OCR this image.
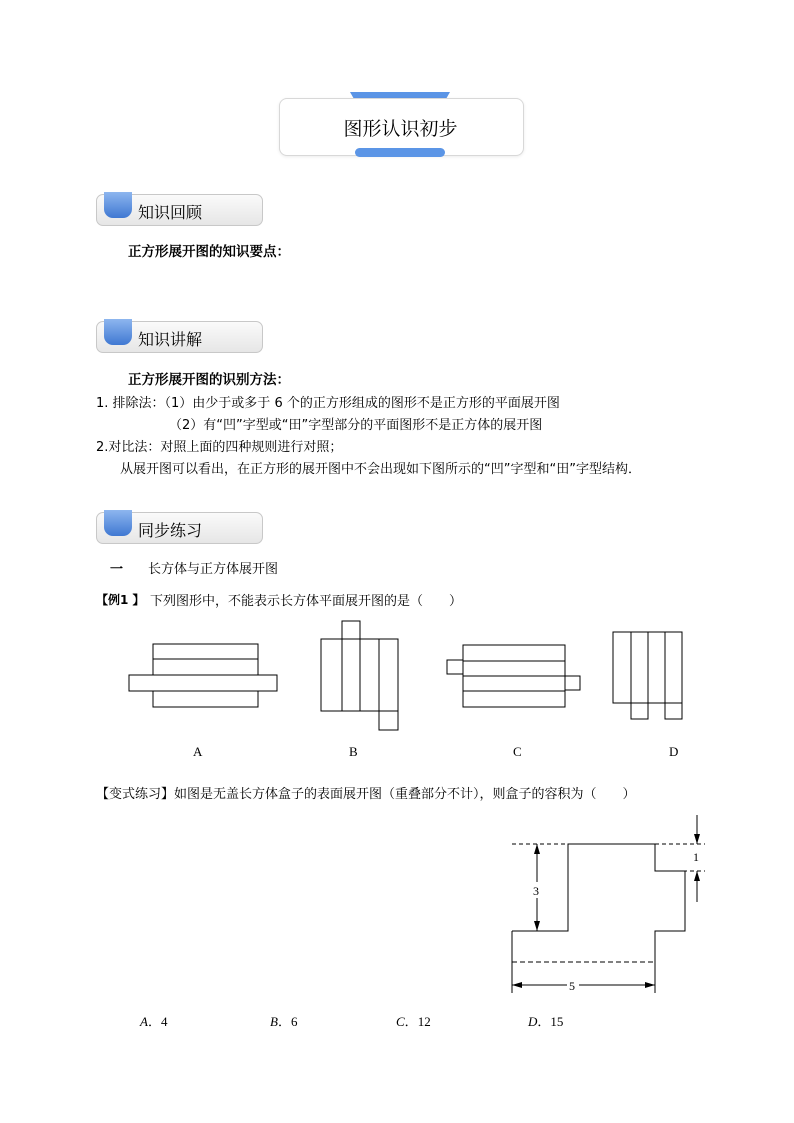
图形认识初步
知识回顾
正方形展开图的知识要点：
知识讲解
正方形展开图的识别方法：
1. 排除法：（1）由少于或多于 6 个的正方形组成的图形不是正方形的平面展开图
（2）有“凹”字型或“田”字型部分的平面图形不是正方体的展开图
2.对比法：对照上面的四种规则进行对照；
从展开图可以看出，在正方形的展开图中不会出现如下图所示的“凹”字型和“田”字型结构．
同步练习
一 长方体与正方体展开图
【例1 】 下列图形中，不能表示长方体平面展开图的是（　　）
A	B	C	D
【变式练习】如图是无盖长方体盒子的表面展开图（重叠部分不计），则盒子的容积为（　　）
3
5
1
A．4	B．6	C．12	D．15
